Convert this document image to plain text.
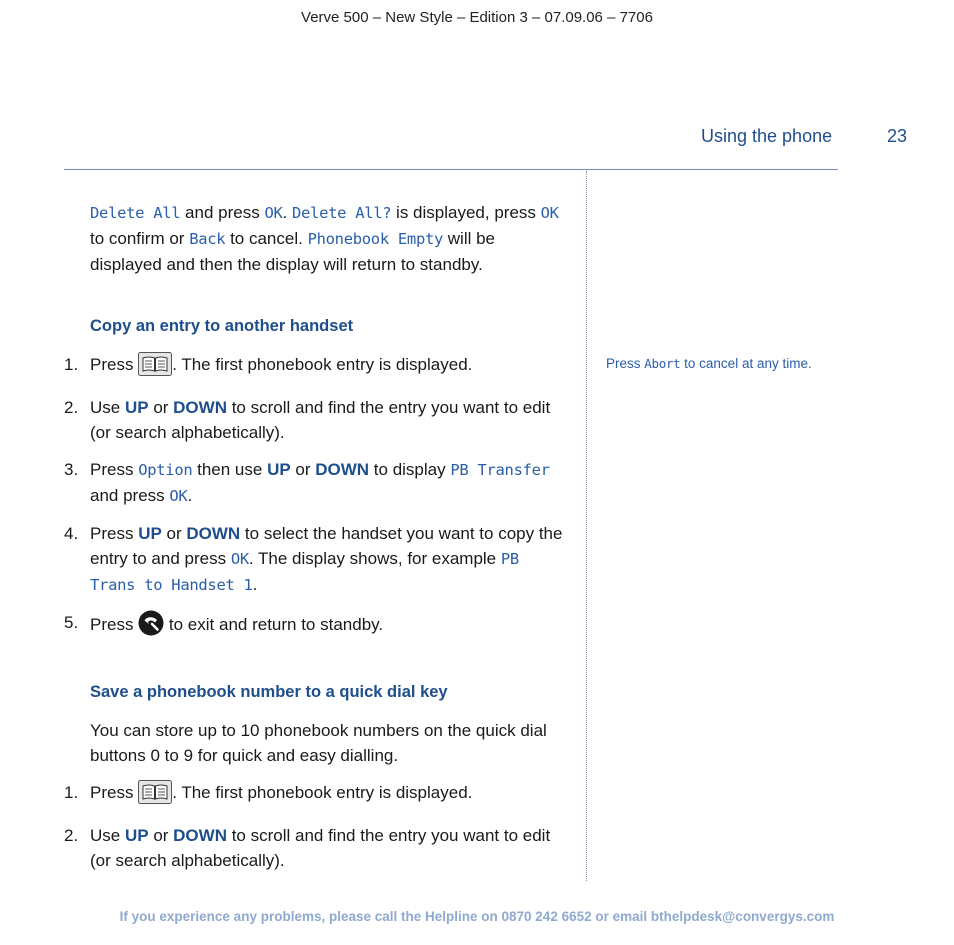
Verve 500 – New Style – Edition 3 – 07.09.06 – 7706
Using the phone	23

Delete All and press OK. Delete All? is displayed, press OK to confirm or Back to cancel. Phonebook Empty will be displayed and then the display will return to standby.

Copy an entry to another handset

1. Press . The first phonebook entry is displayed.
2. Use UP or DOWN to scroll and find the entry you want to edit (or search alphabetically).
3. Press Option then use UP or DOWN to display PB Transfer and press OK.
4. Press UP or DOWN to select the handset you want to copy the entry to and press OK. The display shows, for example PB Trans to Handset 1.
5. Press  to exit and return to standby.

Save a phonebook number to a quick dial key

You can store up to 10 phonebook numbers on the quick dial buttons 0 to 9 for quick and easy dialling.

1. Press . The first phonebook entry is displayed.
2. Use UP or DOWN to scroll and find the entry you want to edit (or search alphabetically).
Press Abort to cancel at any time.
If you experience any problems, please call the Helpline on 0870 242 6652 or email bthelpdesk@convergys.com
